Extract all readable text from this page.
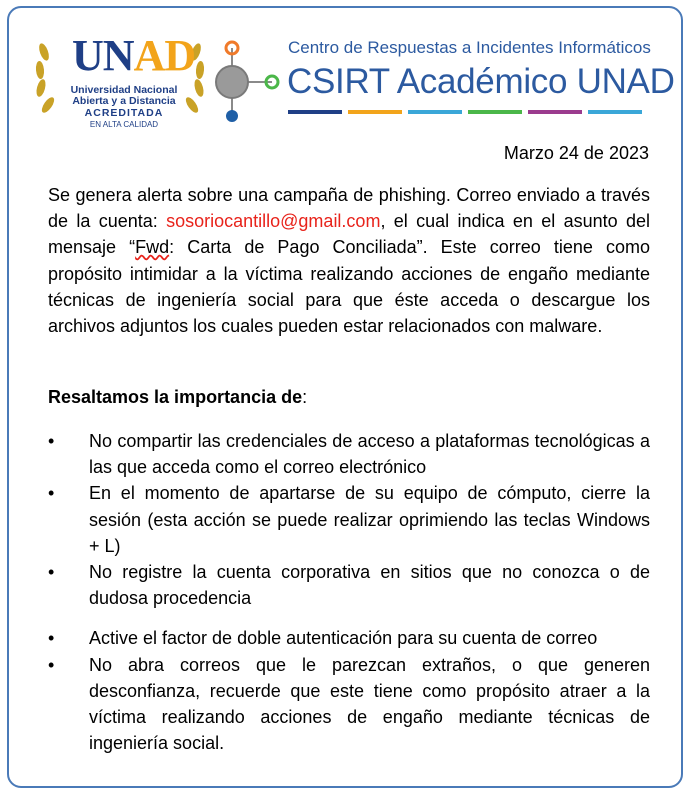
UNAD
Universidad Nacional
Abierta y a Distancia
ACREDITADA
EN ALTA CALIDAD
Centro de Respuestas a Incidentes Informáticos
CSIRT Académico UNAD
Marzo 24 de 2023
Se genera alerta sobre una campaña de phishing. Correo enviado a través de la cuenta: sosoriocantillo@gmail.com, el cual indica en el asunto del mensaje “Fwd: Carta de Pago Conciliada”. Este correo tiene como propósito intimidar a la víctima realizando acciones de engaño mediante técnicas de ingeniería social para que éste acceda o descargue los archivos adjuntos los cuales pueden estar relacionados con malware.
Resaltamos la importancia de:
• No compartir las credenciales de acceso a plataformas tecnológicas a las que acceda como el correo electrónico
• En el momento de apartarse de su equipo de cómputo, cierre la sesión (esta acción se puede realizar oprimiendo las teclas Windows + L)
• No registre la cuenta corporativa en sitios que no conozca o de dudosa procedencia
• Active el factor de doble autenticación para su cuenta de correo
• No abra correos que le parezcan extraños, o que generen desconfianza, recuerde que este tiene como propósito atraer a la víctima realizando acciones de engaño mediante técnicas de ingeniería social.
